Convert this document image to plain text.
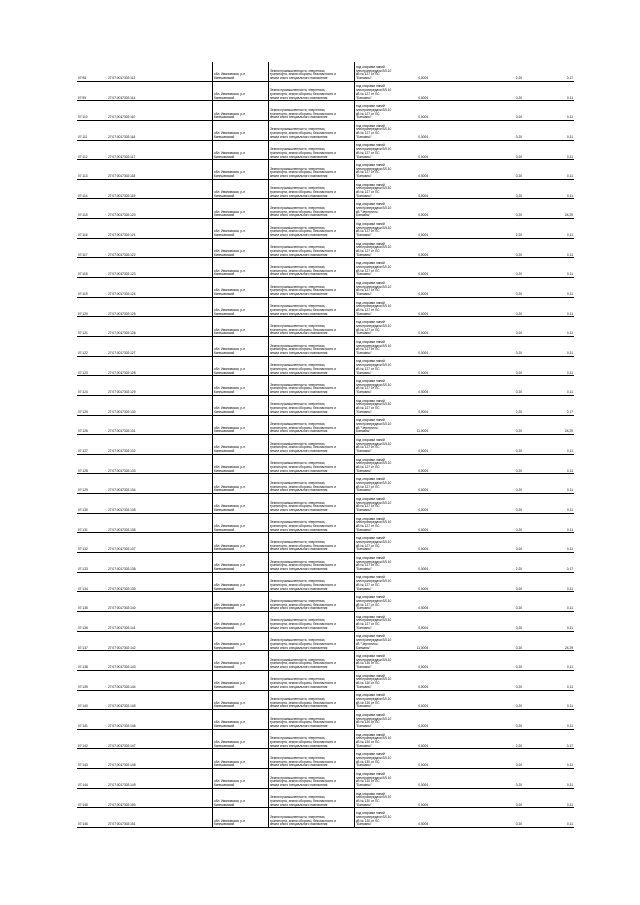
07:98	27:07:0017302:112	обл. Ивановская, р-н
Кинешемский	Земли промышленности, энергетики,
транспорта, земли обороны, безопасности и
земли иного специального назначения	под опорами линий
электропередачи ВЛ-10
кВ № 127 от ПС
"Батманы"	0,0004	2,20	0,17
07:99	27:07:0017302:114	обл. Ивановская, р-н
Кинешемский	Земли промышленности, энергетики,
транспорта, земли обороны, безопасности и
земли иного специального назначения	под опорами линий
электропередачи ВЛ-10
кВ № 127 от ПС
"Батманы"	0,0004	0,20	0,11
07:110	27:07:0017302:110	обл. Ивановская, р-н
Кинешемский	Земли промышленности, энергетики,
транспорта, земли обороны, безопасности и
земли иного специального назначения	под опорами линий
электропередачи ВЛ-10
кВ № 127 от ПС
"Батманы"	0,0004	0,20	0,11
07:111	27:07:0017302:116	обл. Ивановская, р-н
Кинешемский	Земли промышленности, энергетики,
транспорта, земли обороны, безопасности и
земли иного специального назначения	под опорами линий
электропередачи ВЛ-10
кВ № 127 от ПС
"Батманы"	0,0004	0,20	0,11
07:112	27:07:0017302:117	обл. Ивановская, р-н
Кинешемский	Земли промышленности, энергетики,
транспорта, земли обороны, безопасности и
земли иного специального назначения	под опорами линий
электропередачи ВЛ-10
кВ № 127 от ПС
"Батманы"	0,0004	0,20	0,11
07:113	27:07:0017302:118	обл. Ивановская, р-н
Кинешемский	Земли промышленности, энергетики,
транспорта, земли обороны, безопасности и
земли иного специального назначения	под опорами линий
электропередачи ВЛ-10
кВ № 127 от ПС
"Батманы"	0,0004	0,20	0,11
07:114	27:07:0017302:119	обл. Ивановская, р-н
Кинешемский	Земли промышленности, энергетики,
транспорта, земли обороны, безопасности и
земли иного специального назначения	под опорами линий
электропередачи ВЛ-10
кВ № 127 от ПС
"Батманы"	0,0004	0,20	0,11
07:115	27:07:0017302:120	обл. Ивановская, р-н
Кинешемский	Земли промышленности, энергетики,
транспорта, земли обороны, безопасности и
земли иного специального назначения	под опорами линий
электропередачи ВЛ-10
кВ "Чернятино-
Батманы"	0,0004	0,20	24,29
07:116	27:07:0017302:121	обл. Ивановская, р-н
Кинешемский	Земли промышленности, энергетики,
транспорта, земли обороны, безопасности и
земли иного специального назначения	под опорами линий
электропередачи ВЛ-10
кВ № 127 от ПС
"Батманы"	0,0004	2,20	0,11
07:117	27:07:0017302:122	обл. Ивановская, р-н
Кинешемский	Земли промышленности, энергетики,
транспорта, земли обороны, безопасности и
земли иного специального назначения	под опорами линий
электропередачи ВЛ-10
кВ № 127 от ПС
"Батманы"	0,0004	0,20	0,11
07:118	27:07:0017302:123	обл. Ивановская, р-н
Кинешемский	Земли промышленности, энергетики,
транспорта, земли обороны, безопасности и
земли иного специального назначения	под опорами линий
электропередачи ВЛ-10
кВ № 127 от ПС
"Батманы"	0,0004	0,20	0,11
07:119	27:07:0017302:124	обл. Ивановская, р-н
Кинешемский	Земли промышленности, энергетики,
транспорта, земли обороны, безопасности и
земли иного специального назначения	под опорами линий
электропередачи ВЛ-10
кВ № 127 от ПС
"Батманы"	0,0004	0,20	0,11
07:120	27:07:0017302:125	обл. Ивановская, р-н
Кинешемский	Земли промышленности, энергетики,
транспорта, земли обороны, безопасности и
земли иного специального назначения	под опорами линий
электропередачи ВЛ-10
кВ № 127 от ПС
"Батманы"	0,0004	0,20	0,11
07:121	27:07:0017302:126	обл. Ивановская, р-н
Кинешемский	Земли промышленности, энергетики,
транспорта, земли обороны, безопасности и
земли иного специального назначения	под опорами линий
электропередачи ВЛ-10
кВ № 127 от ПС
"Батманы"	0,0004	0,20	0,11
07:122	27:07:0017302:127	обл. Ивановская, р-н
Кинешемский	Земли промышленности, энергетики,
транспорта, земли обороны, безопасности и
земли иного специального назначения	под опорами линий
электропередачи ВЛ-10
кВ № 127 от ПС
"Батманы"	0,0004	0,20	0,11
07:123	27:07:0017302:128	обл. Ивановская, р-н
Кинешемский	Земли промышленности, энергетики,
транспорта, земли обороны, безопасности и
земли иного специального назначения	под опорами линий
электропередачи ВЛ-10
кВ № 127 от ПС
"Батманы"	0,0004	0,20	0,11
07:124	27:07:0017302:129	обл. Ивановская, р-н
Кинешемский	Земли промышленности, энергетики,
транспорта, земли обороны, безопасности и
земли иного специального назначения	под опорами линий
электропередачи ВЛ-10
кВ № 127 от ПС
"Батманы"	0,0004	0,20	0,11
07:125	27:07:0017302:130	обл. Ивановская, р-н
Кинешемский	Земли промышленности, энергетики,
транспорта, земли обороны, безопасности и
земли иного специального назначения	под опорами линий
электропередачи ВЛ-10
кВ № 127 от ПС
"Батманы"	0,0004	2,20	0,17
07:126	27:07:0017302:131	обл. Ивановская, р-н
Кинешемский	Земли промышленности, энергетики,
транспорта, земли обороны, безопасности и
земли иного специального назначения	под опорами линий
электропередачи ВЛ-10
кВ "Чернятино-
Батманы"	11,0004	0,20	24,29
07:127	27:07:0017302:132	обл. Ивановская, р-н
Кинешемский	Земли промышленности, энергетики,
транспорта, земли обороны, безопасности и
земли иного специального назначения	под опорами линий
электропередачи ВЛ-10
кВ № 127 от ПС
"Батманы"	0,0004	0,20	0,11
07:128	27:07:0017302:133	обл. Ивановская, р-н
Кинешемский	Земли промышленности, энергетики,
транспорта, земли обороны, безопасности и
земли иного специального назначения	под опорами линий
электропередачи ВЛ-10
кВ № 127 от ПС
"Батманы"	0,0004	0,20	0,11
07:129	27:07:0017302:134	обл. Ивановская, р-н
Кинешемский	Земли промышленности, энергетики,
транспорта, земли обороны, безопасности и
земли иного специального назначения	под опорами линий
электропередачи ВЛ-10
кВ № 127 от ПС
"Батманы"	0,0004	0,20	0,11
07:130	27:07:0017302:135	обл. Ивановская, р-н
Кинешемский	Земли промышленности, энергетики,
транспорта, земли обороны, безопасности и
земли иного специального назначения	под опорами линий
электропередачи ВЛ-10
кВ № 127 от ПС
"Батманы"	0,0004	0,20	0,11
07:131	27:07:0017302:136	обл. Ивановская, р-н
Кинешемский	Земли промышленности, энергетики,
транспорта, земли обороны, безопасности и
земли иного специального назначения	под опорами линий
электропередачи ВЛ-10
кВ № 127 от ПС
"Батманы"	0,0004	0,20	0,11
07:132	27:07:0017302:137	обл. Ивановская, р-н
Кинешемский	Земли промышленности, энергетики,
транспорта, земли обороны, безопасности и
земли иного специального назначения	под опорами линий
электропередачи ВЛ-10
кВ № 127 от ПС
"Батманы"	0,0004	0,20	0,11
07:133	27:07:0017302:138	обл. Ивановская, р-н
Кинешемский	Земли промышленности, энергетики,
транспорта, земли обороны, безопасности и
земли иного специального назначения	под опорами линий
электропередачи ВЛ-10
кВ № 127 от ПС
"Батманы"	0,0004	2,20	0,17
07:134	27:07:0017302:139	обл. Ивановская, р-н
Кинешемский	Земли промышленности, энергетики,
транспорта, земли обороны, безопасности и
земли иного специального назначения	под опорами линий
электропередачи ВЛ-10
кВ № 127 от ПС
"Батманы"	0,0004	0,20	0,11
07:135	27:07:0017302:140	обл. Ивановская, р-н
Кинешемский	Земли промышленности, энергетики,
транспорта, земли обороны, безопасности и
земли иного специального назначения	под опорами линий
электропередачи ВЛ-10
кВ № 127 от ПС
"Батманы"	0,0004	0,20	0,11
07:136	27:07:0017302:141	обл. Ивановская, р-н
Кинешемский	Земли промышленности, энергетики,
транспорта, земли обороны, безопасности и
земли иного специального назначения	под опорами линий
электропередачи ВЛ-10
кВ № 127 от ПС
"Батманы"	0,0004	0,20	0,11
07:137	27:07:0017302:142	обл. Ивановская, р-н
Кинешемский	Земли промышленности, энергетики,
транспорта, земли обороны, безопасности и
земли иного специального назначения	под опорами линий
электропередачи ВЛ-10
кВ "Чернятино-
Батманы"	11,0004	0,20	24,29
07:138	27:07:0017302:143	обл. Ивановская, р-н
Кинешемский	Земли промышленности, энергетики,
транспорта, земли обороны, безопасности и
земли иного специального назначения	под опорами линий
электропередачи ВЛ-10
кВ № 130 от ПС
"Батманы"	0,0004	0,20	0,11
07:139	27:07:0017302:144	обл. Ивановская, р-н
Кинешемский	Земли промышленности, энергетики,
транспорта, земли обороны, безопасности и
земли иного специального назначения	под опорами линий
электропередачи ВЛ-10
кВ № 130 от ПС
"Батманы"	0,0004	0,20	0,11
07:140	27:07:0017302:145	обл. Ивановская, р-н
Кинешемский	Земли промышленности, энергетики,
транспорта, земли обороны, безопасности и
земли иного специального назначения	под опорами линий
электропередачи ВЛ-10
кВ № 130 от ПС
"Батманы"	0,0004	0,20	0,11
07:141	27:07:0017302:146	обл. Ивановская, р-н
Кинешемский	Земли промышленности, энергетики,
транспорта, земли обороны, безопасности и
земли иного специального назначения	под опорами линий
электропередачи ВЛ-10
кВ № 130 от ПС
"Батманы"	0,0004	0,20	0,11
07:142	27:07:0017302:147	обл. Ивановская, р-н
Кинешемский	Земли промышленности, энергетики,
транспорта, земли обороны, безопасности и
земли иного специального назначения	под опорами линий
электропередачи ВЛ-10
кВ № 130 от ПС
"Батманы"	0,0004	2,20	0,17
07:143	27:07:0017302:148	обл. Ивановская, р-н
Кинешемский	Земли промышленности, энергетики,
транспорта, земли обороны, безопасности и
земли иного специального назначения	под опорами линий
электропередачи ВЛ-10
кВ № 130 от ПС
"Батманы"	0,0004	0,20	0,11
07:144	27:07:0017302:149	обл. Ивановская, р-н
Кинешемский	Земли промышленности, энергетики,
транспорта, земли обороны, безопасности и
земли иного специального назначения	под опорами линий
электропередачи ВЛ-10
кВ № 130 от ПС
"Батманы"	0,0004	0,20	0,11
07:145	27:07:0017302:150	обл. Ивановская, р-н
Кинешемский	Земли промышленности, энергетики,
транспорта, земли обороны, безопасности и
земли иного специального назначения	под опорами линий
электропередачи ВЛ-10
кВ № 130 от ПС
"Батманы"	0,0004	0,20	0,11
07:146	27:07:0017302:151	обл. Ивановская, р-н
Кинешемский	Земли промышленности, энергетики,
транспорта, земли обороны, безопасности и
земли иного специального назначения	под опорами линий
электропередачи ВЛ-10
кВ № 130 от ПС
"Батманы"	0,0004	0,20	0,11
